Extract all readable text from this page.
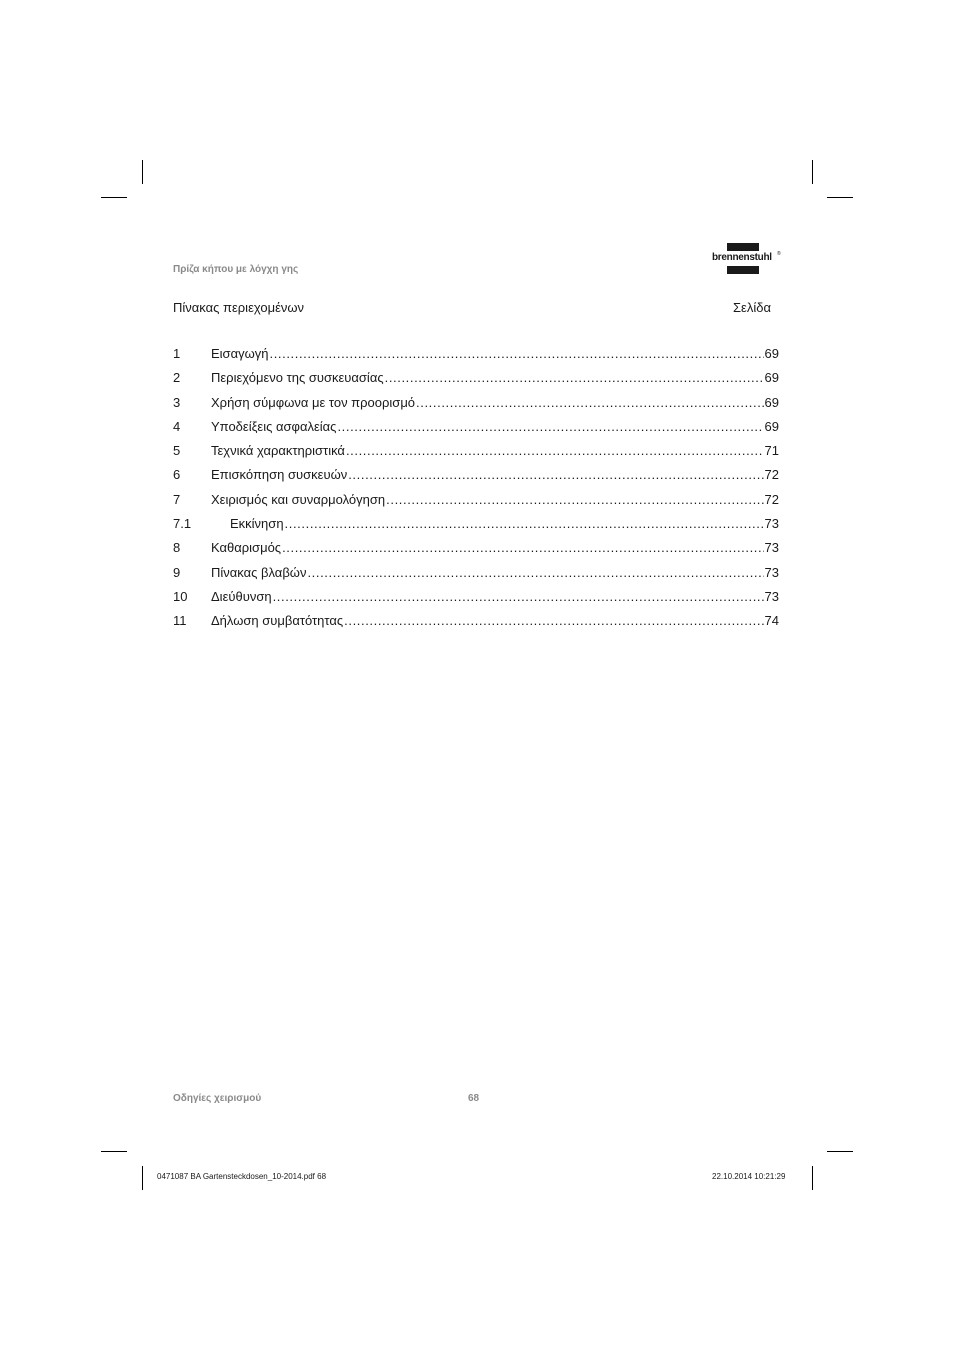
Πρίζα κήπου με λόγχη γης
brennenstuhl ®
Πίνακας περιεχομένων	Σελίδα
1 Εισαγωγή .....	69
2 Περιεχόμενο της συσκευασίας .....	69
3 Χρήση σύμφωνα με τον προορισμό .....	69
4 Υποδείξεις ασφαλείας .....	69
5 Τεχνικά χαρακτηριστικά .....	71
6 Επισκόπηση συσκευών .....	72
7 Χειρισμός και συναρμολόγηση .....	72
7.1	Εκκίνηση .....	73
8 Καθαρισμός .....	73
9 Πίνακας βλαβών .....	73
10 Διεύθυνση .....	73
11 Δήλωση συμβατότητας .....	74
Οδηγίες χειρισμού	68
0471087 BA Gartensteckdosen_10-2014.pdf 68	22.10.2014 10:21:29
